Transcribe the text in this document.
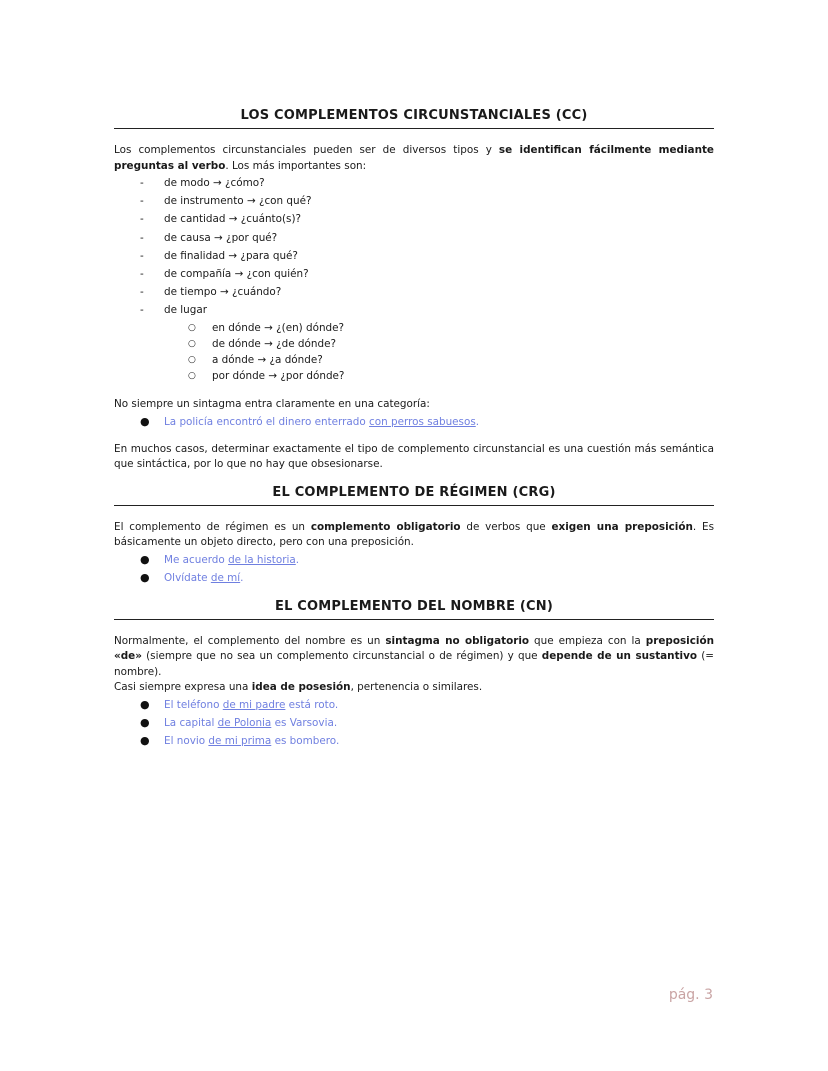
LOS COMPLEMENTOS CIRCUNSTANCIALES (CC)

Los complementos circunstanciales pueden ser de diversos tipos y se identifican fácilmente mediante preguntas al verbo. Los más importantes son:

- de modo → ¿cómo?
- de instrumento → ¿con qué?
- de cantidad → ¿cuánto(s)?
- de causa → ¿por qué?
- de finalidad → ¿para qué?
- de compañía → ¿con quién?
- de tiempo → ¿cuándo?
- de lugar
○ en dónde → ¿(en) dónde?
○ de dónde → ¿de dónde?
○ a dónde → ¿a dónde?
○ por dónde → ¿por dónde?

No siempre un sintagma entra claramente en una categoría:

● La policía encontró el dinero enterrado con perros sabuesos.

En muchos casos, determinar exactamente el tipo de complemento circunstancial es una cuestión más semántica que sintáctica, por lo que no hay que obsesionarse.

EL COMPLEMENTO DE RÉGIMEN (CRG)

El complemento de régimen es un complemento obligatorio de verbos que exigen una preposición. Es básicamente un objeto directo, pero con una preposición.

● Me acuerdo de la historia.
● Olvídate de mí.
EL COMPLEMENTO DEL NOMBRE (CN)

Normalmente, el complemento del nombre es un sintagma no obligatorio que empieza con la preposición «de» (siempre que no sea un complemento circunstancial o de régimen) y que depende de un sustantivo (= nombre).

Casi siempre expresa una idea de posesión, pertenencia o similares.

● El teléfono de mi padre está roto.
● La capital de Polonia es Varsovia.
● El novio de mi prima es bombero.
pág. 3
